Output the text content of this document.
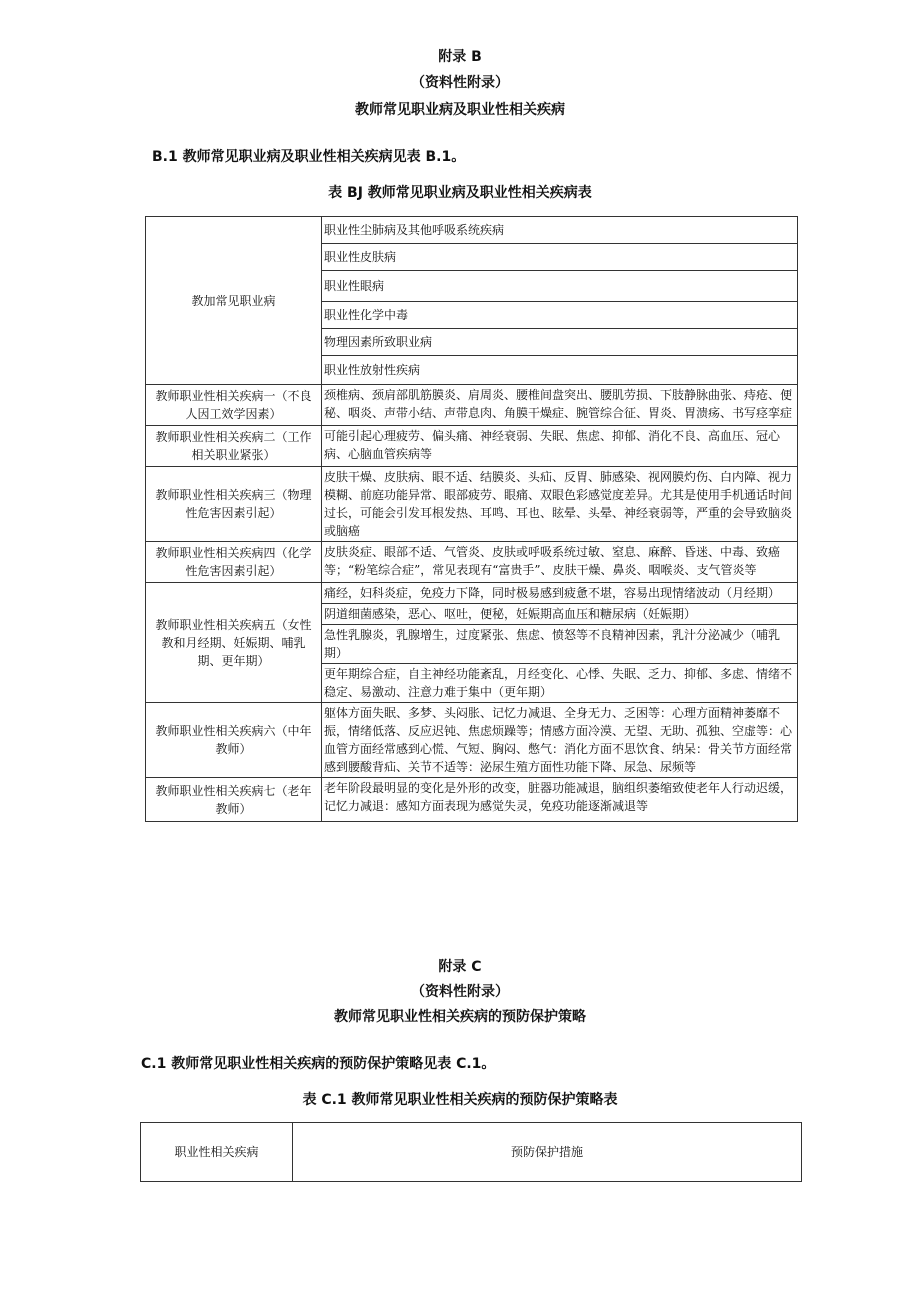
附录 B
（资料性附录）
教师常见职业病及职业性相关疾病
B.1 教师常见职业病及职业性相关疾病见表 B.1。
表 BJ 教师常见职业病及职业性相关疾病表
教加常见职业病	职业性尘肺病及其他呼吸系统疾病
	职业性皮肤病
	职业性眼病
	职业性化学中毒
	物理因素所致职业病
	职业性放射性疾病
教师职业性相关疾病一（不良人因工效学因素）	颈椎病、颈肩部肌筋膜炎、肩周炎、腰椎间盘突出、腰肌劳损、下肢静脉曲张、痔疮、便秘、咽炎、声带小结、声带息肉、角膜干燥症、腕管综合征、胃炎、胃溃疡、书写痉挛症
教师职业性相关疾病二（工作相关职业紧张）	可能引起心理疲劳、偏头痛、神经衰弱、失眠、焦虑、抑郁、消化不良、高血压、冠心病、心脑血管疾病等
教师职业性相关疾病三（物理性危害因素引起）	皮肤干燥、皮肤病、眼不适、结膜炎、头疝、反胃、肺感染、视网膜灼伤、白内障、视力模糊、前庭功能异常、眼部疲劳、眼痛、双眼色彩感觉度差异。尤其是使用手机通话时间过长，可能会引发耳根发热、耳鸣、耳也、眩晕、头晕、神经衰弱等，严重的会导致脑炎或脑癌
教师职业性相关疾病四（化学性危害因素引起）	皮肤炎症、眼部不适、气管炎、皮肤或呼吸系统过敏、窒息、麻醉、昏迷、中毒、致癌等；“粉笔综合症”，常见表现有“富贵手”、皮肤干燥、鼻炎、咽喉炎、支气管炎等
教师职业性相关疾病五（女性教和月经期、妊娠期、哺乳期、更年期）	痛经，妇科炎症，免疫力下降，同时极易感到疲惫不堪，容易出现情绪波动（月经期）
	阴道细菌感染，恶心、呕吐，便秘，妊娠期高血压和糖尿病（妊娠期）
	急性乳腺炎，乳腺增生，过度紧张、焦虑、愤怒等不良精神因素，乳汁分泌减少（哺乳期）
	更年期综合症，自主神经功能紊乱，月经变化、心悸、失眠、乏力、抑郁、多虑、情绪不稳定、易激动、注意力难于集中（更年期）
教师职业性相关疾病六（中年教师）	躯体方面失眠、多梦、头闷胀、记忆力减退、全身无力、乏困等：心理方面精神萎靡不振，情绪低落、反应迟钝、焦虑烦躁等；情感方面冷漠、无望、无助、孤独、空虚等：心血管方面经常感到心慌、气短、胸闷、憋气：消化方面不思饮食、纳呆：骨关节方面经常感到腰酸背疝、关节不适等：泌尿生殖方面性功能下降、尿急、尿频等
教师职业性相关疾病七（老年教师）	老年阶段最明显的变化是外形的改变，脏器功能减退，脑组织萎缩致使老年人行动迟缓，记忆力减退：感知方面表现为感觉失灵，免疫功能逐渐减退等
附录 C
（资料性附录）
教师常见职业性相关疾病的预防保护策略
C.1 教师常见职业性相关疾病的预防保护策略见表 C.1。
表 C.1 教师常见职业性相关疾病的预防保护策略表
职业性相关疾病	预防保护措施
